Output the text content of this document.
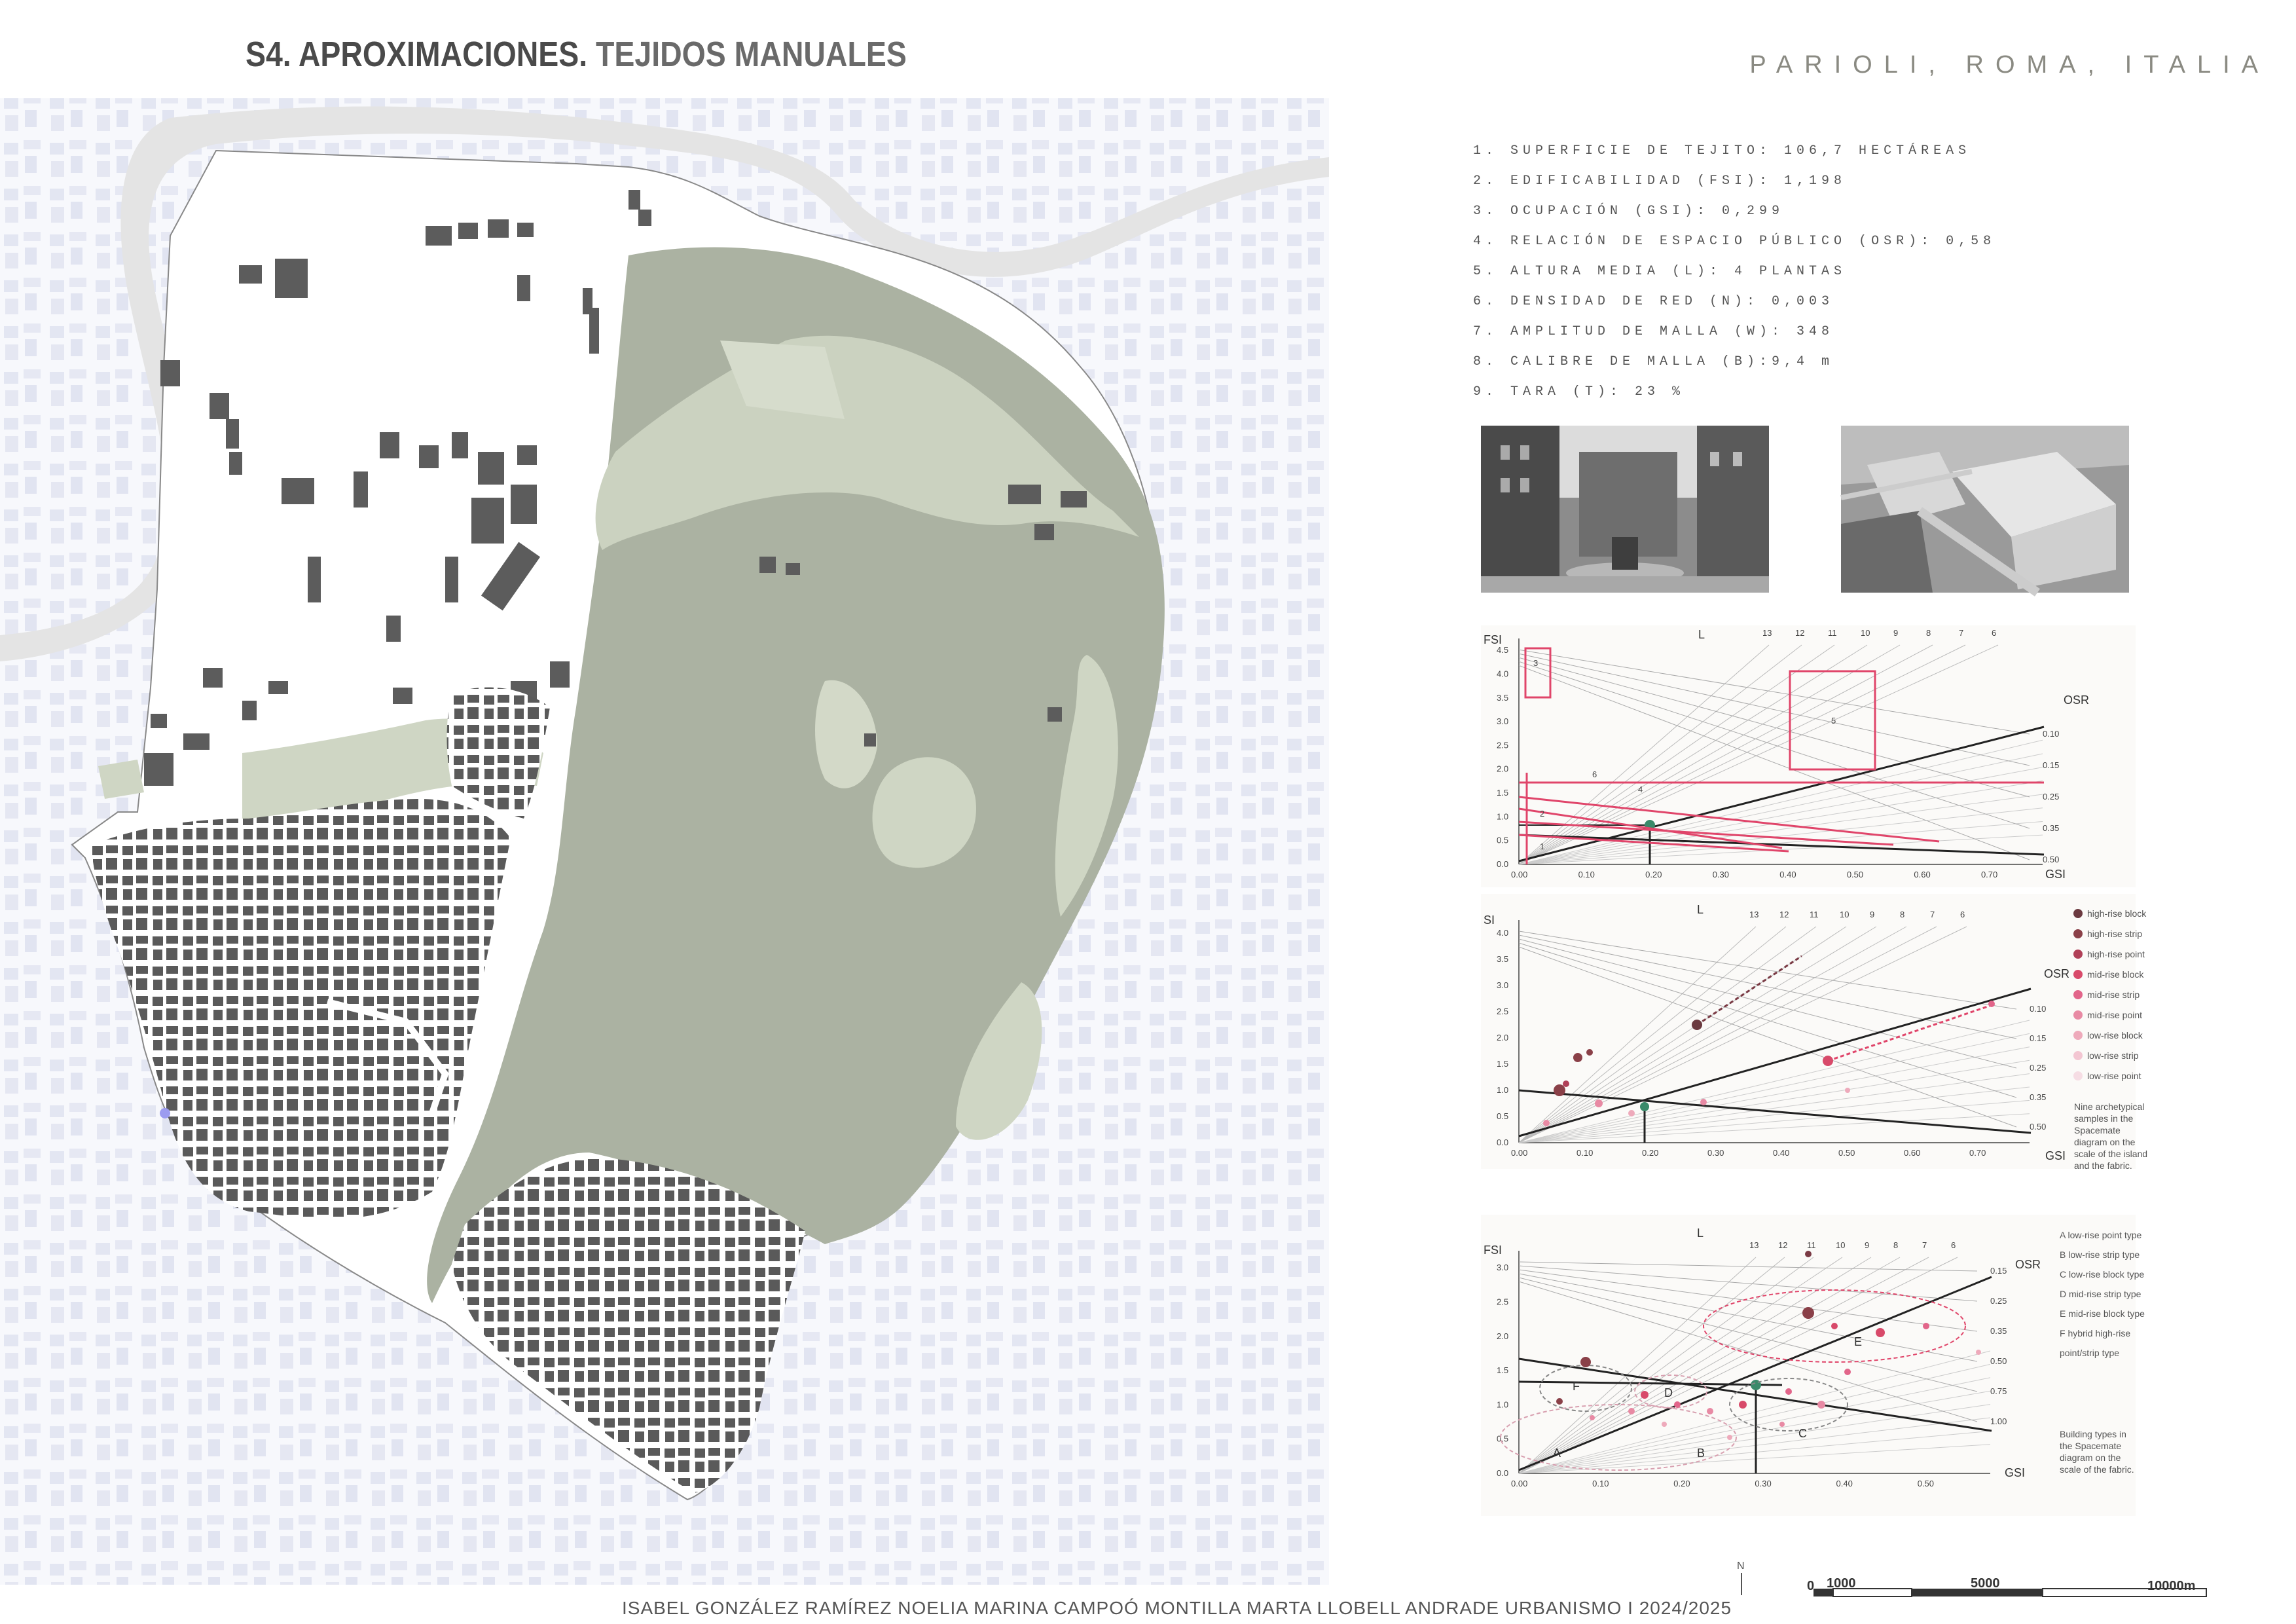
S4. APROXIMACIONES. TEJIDOS MANUALES	PARIOLI, ROMA, ITALIA
1. SUPERFICIE DE TEJITO: 106,7 HECTÁREAS
2. EDIFICABILIDAD (FSI): 1,198
3. OCUPACIÓN (GSI): 0,299
4. RELACIÓN DE ESPACIO PÚBLICO (OSR): 0,58
5. ALTURA MEDIA (L): 4 PLANTAS
6. DENSIDAD DE RED (N): 0,003
7. AMPLITUD DE MALLA (W): 348
8. CALIBRE DE MALLA (B):9,4 m
9. TARA (T): 23 %
4.5
4.0
3.5
3.0
2.5
2.0
1.5
1.0
0.5
0.0
0.00	0.10	0.20	0.30	0.40	0.50	0.60	0.70
13	12	11	10	9	8	7	6
0.10
0.15
0.25
0.35
0.50
3
5
6
4
2
1
FSI
GSI
L
OSR
4.0
3.5
3.0
2.5
2.0
1.5
1.0
0.5
0.0
0.00	0.10	0.20	0.30	0.40	0.50	0.60	0.70
13 12 11	10 9	8	7	6
0.10
0.15
0.25
0.35
0.50
SI
GSI
L
OSR
high-rise block
high-rise strip
high-rise point
mid-rise block
mid-rise strip
mid-rise point
low-rise block
low-rise strip
low-rise point
Nine archetypical
samples in the
Spacemate
diagram on the
scale of the island
and the fabric.
3.0
2.5
2.0
1.5
1.0
0.5
0.0
0.00	0.10	0.20	0.30	0.40	0.50
13 12 11 10 9	8	7	6
0.15
0.25
0.35
0.50
0.75
1.00
A	B
C
D
E
F
FSI
GSI
L
OSR
A low-rise point type
B low-rise strip type
C low-rise block type
D mid-rise strip type
E mid-rise block type
F hybrid high-rise
point/strip type
Building types in
the Spacemate
diagram on the
scale of the fabric.
N
0 1000	5000	10000m
ISABEL GONZÁLEZ RAMÍREZ NOELIA MARINA CAMPOÓ MONTILLA MARTA LLOBELL ANDRADE URBANISMO I 2024/2025
